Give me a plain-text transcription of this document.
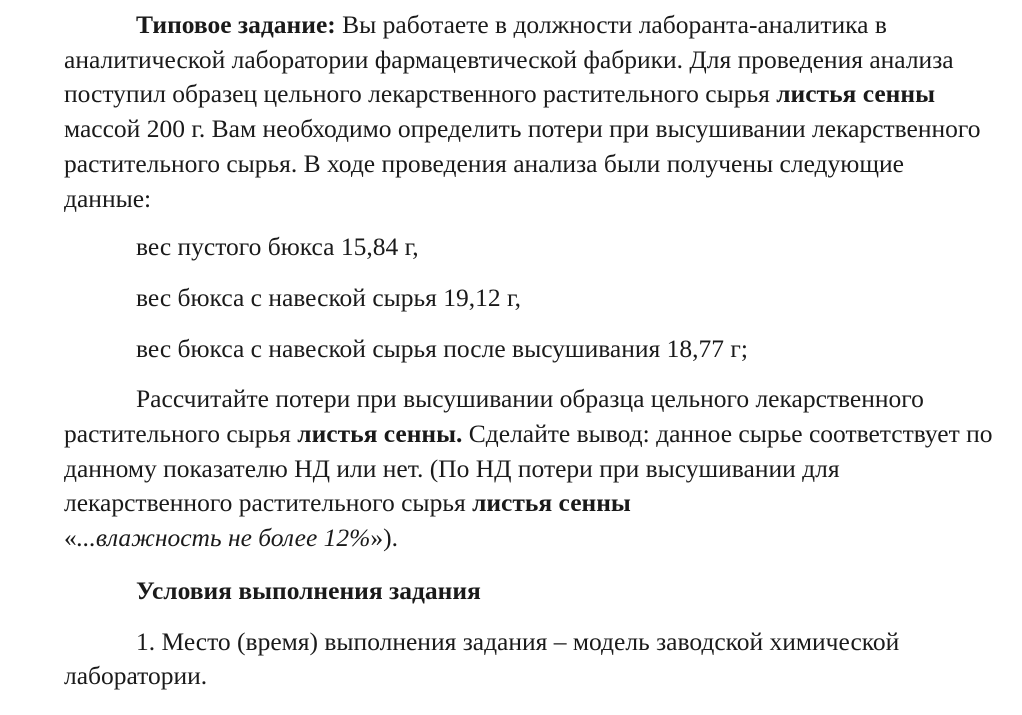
Типовое задание: Вы работаете в должности лаборанта-аналитика в аналитической лаборатории фармацевтической фабрики. Для проведения анализа поступил образец цельного лекарственного растительного сырья листья сенны массой 200 г. Вам необходимо определить потери при высушивании лекарственного растительного сырья. В ходе проведения анализа были получены следующие данные:

вес пустого бюкса 15,84 г,

вес бюкса с навеской сырья 19,12 г,

вес бюкса с навеской сырья после высушивания 18,77 г;

Рассчитайте потери при высушивании образца цельного лекарственного растительного сырья листья сенны. Сделайте вывод: данное сырье соответствует по данному показателю НД или нет. (По НД потери при высушивании для лекарственного растительного сырья листья сенны
«...влажность не более 12%»).

Условия выполнения задания

1. Место (время) выполнения задания – модель заводской химической лаборатории.
